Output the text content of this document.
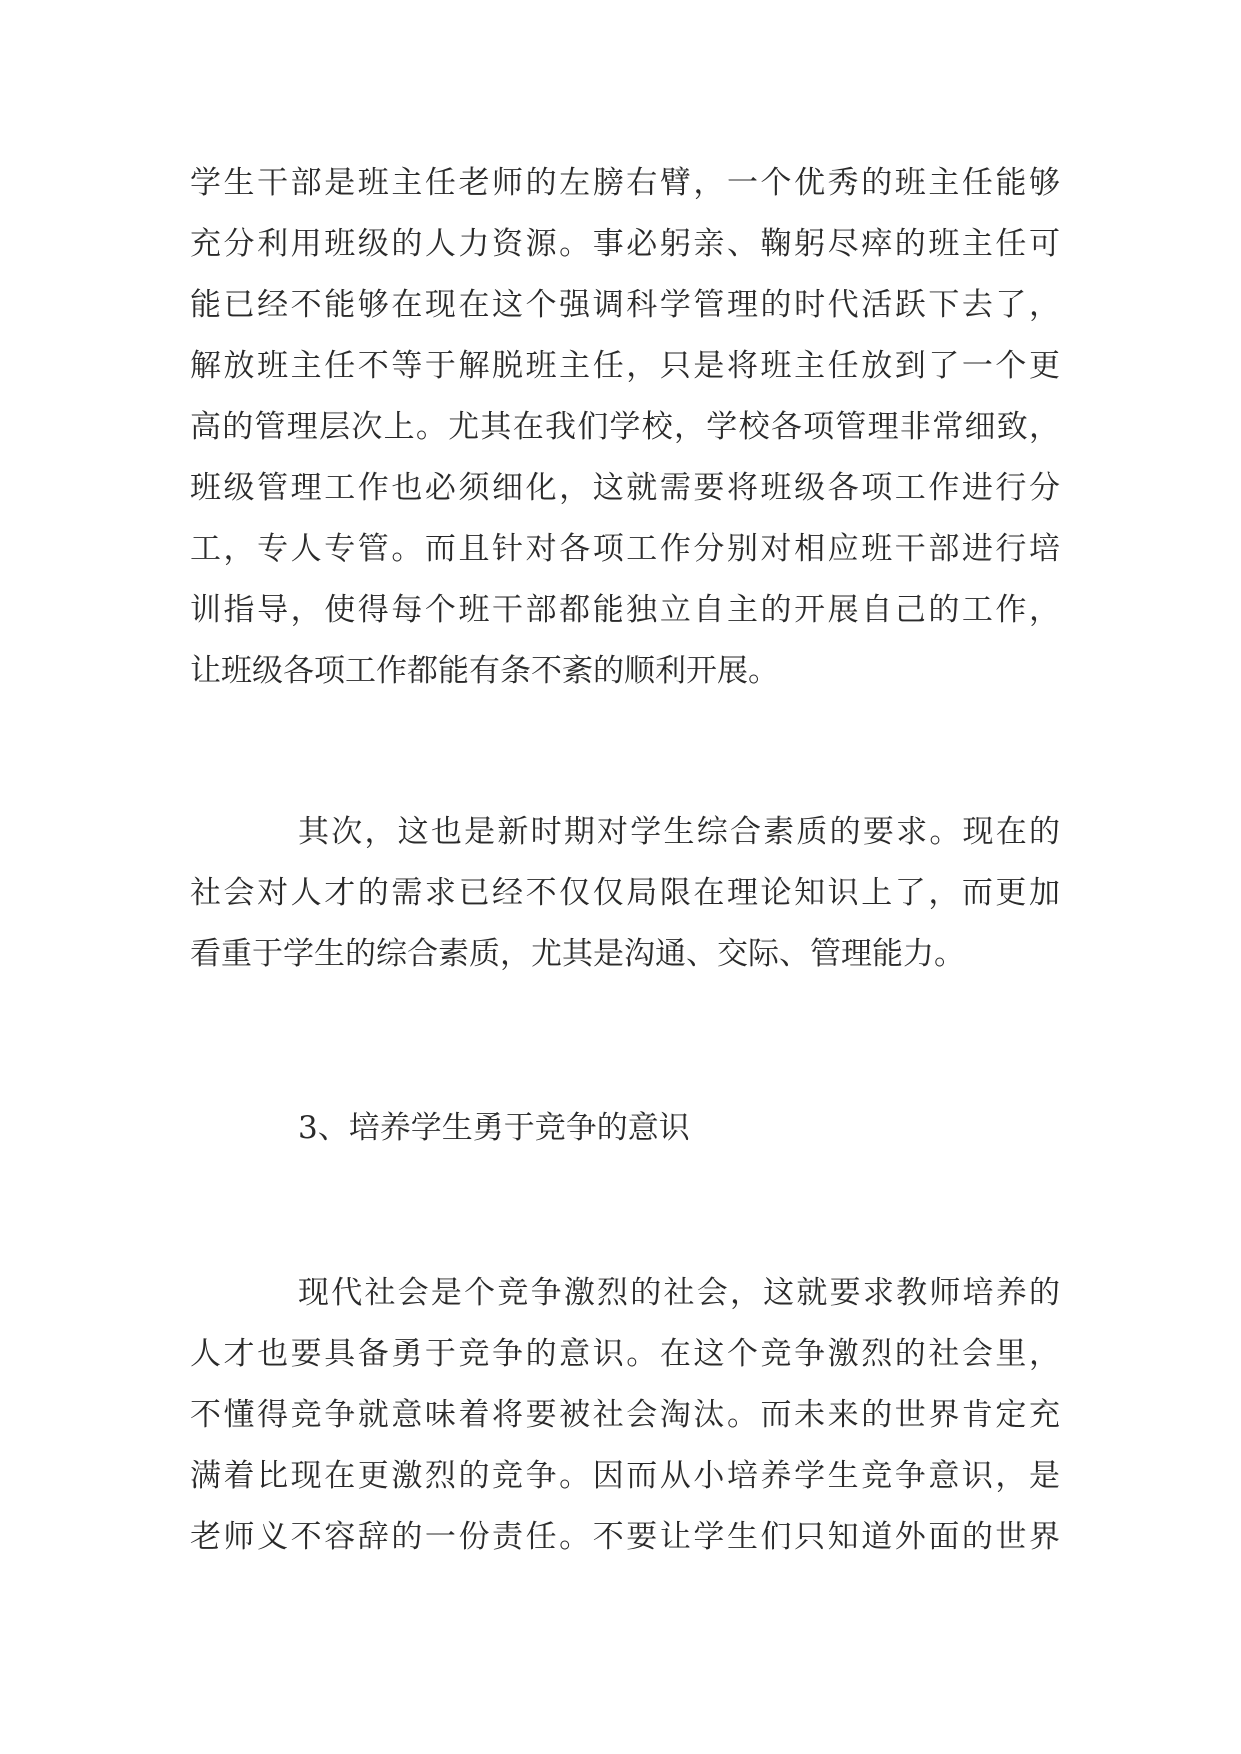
学生干部是班主任老师的左膀右臂，一个优秀的班主任能够
充分利用班级的人力资源。事必躬亲、鞠躬尽瘁的班主任可
能已经不能够在现在这个强调科学管理的时代活跃下去了，
解放班主任不等于解脱班主任，只是将班主任放到了一个更
高的管理层次上。尤其在我们学校，学校各项管理非常细致，
班级管理工作也必须细化，这就需要将班级各项工作进行分
工，专人专管。而且针对各项工作分别对相应班干部进行培
训指导，使得每个班干部都能独立自主的开展自己的工作，
让班级各项工作都能有条不紊的顺利开展。
其次，这也是新时期对学生综合素质的要求。现在的
社会对人才的需求已经不仅仅局限在理论知识上了，而更加
看重于学生的综合素质，尤其是沟通、交际、管理能力。
3、培养学生勇于竞争的意识
现代社会是个竞争激烈的社会，这就要求教师培养的
人才也要具备勇于竞争的意识。在这个竞争激烈的社会里，
不懂得竞争就意味着将要被社会淘汰。而未来的世界肯定充
满着比现在更激烈的竞争。因而从小培养学生竞争意识，是
老师义不容辞的一份责任。不要让学生们只知道外面的世界
